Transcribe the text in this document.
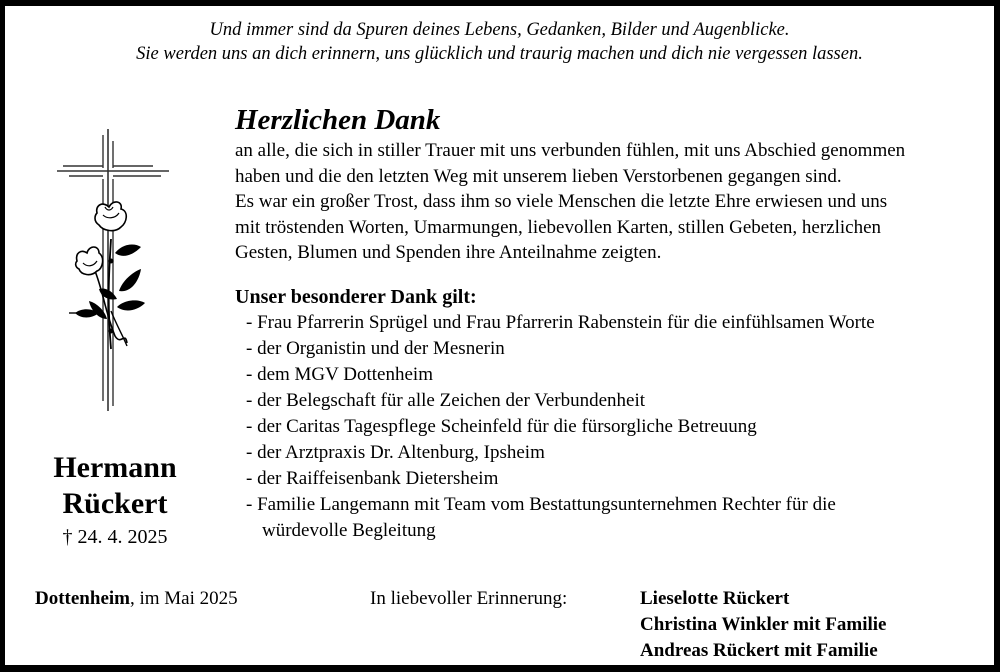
Und immer sind da Spuren deines Lebens, Gedanken, Bilder und Augenblicke.
Sie werden uns an dich erinnern, uns glücklich und traurig machen und dich nie vergessen lassen.
Hermann
Rückert
† 24. 4. 2025
Herzlichen Dank
an alle, die sich in stiller Trauer mit uns verbunden fühlen, mit uns Abschied genommen
haben und die den letzten Weg mit unserem lieben Verstorbenen gegangen sind.
Es war ein großer Trost, dass ihm so viele Menschen die letzte Ehre erwiesen und uns
mit tröstenden Worten, Umarmungen, liebevollen Karten, stillen Gebeten, herzlichen
Gesten, Blumen und Spenden ihre Anteilnahme zeigten.
Unser besonderer Dank gilt:
- Frau Pfarrerin Sprügel und Frau Pfarrerin Rabenstein für die einfühlsamen Worte
- der Organistin und der Mesnerin
- dem MGV Dottenheim
- der Belegschaft für alle Zeichen der Verbundenheit
- der Caritas Tagespflege Scheinfeld für die fürsorgliche Betreuung
- der Arztpraxis Dr. Altenburg, Ipsheim
- der Raiffeisenbank Dietersheim
- Familie Langemann mit Team vom Bestattungsunternehmen Rechter für die
würdevolle Begleitung
Dottenheim, im Mai 2025	In liebevoller Erinnerung:	Lieselotte Rückert
Christina Winkler mit Familie
Andreas Rückert mit Familie
